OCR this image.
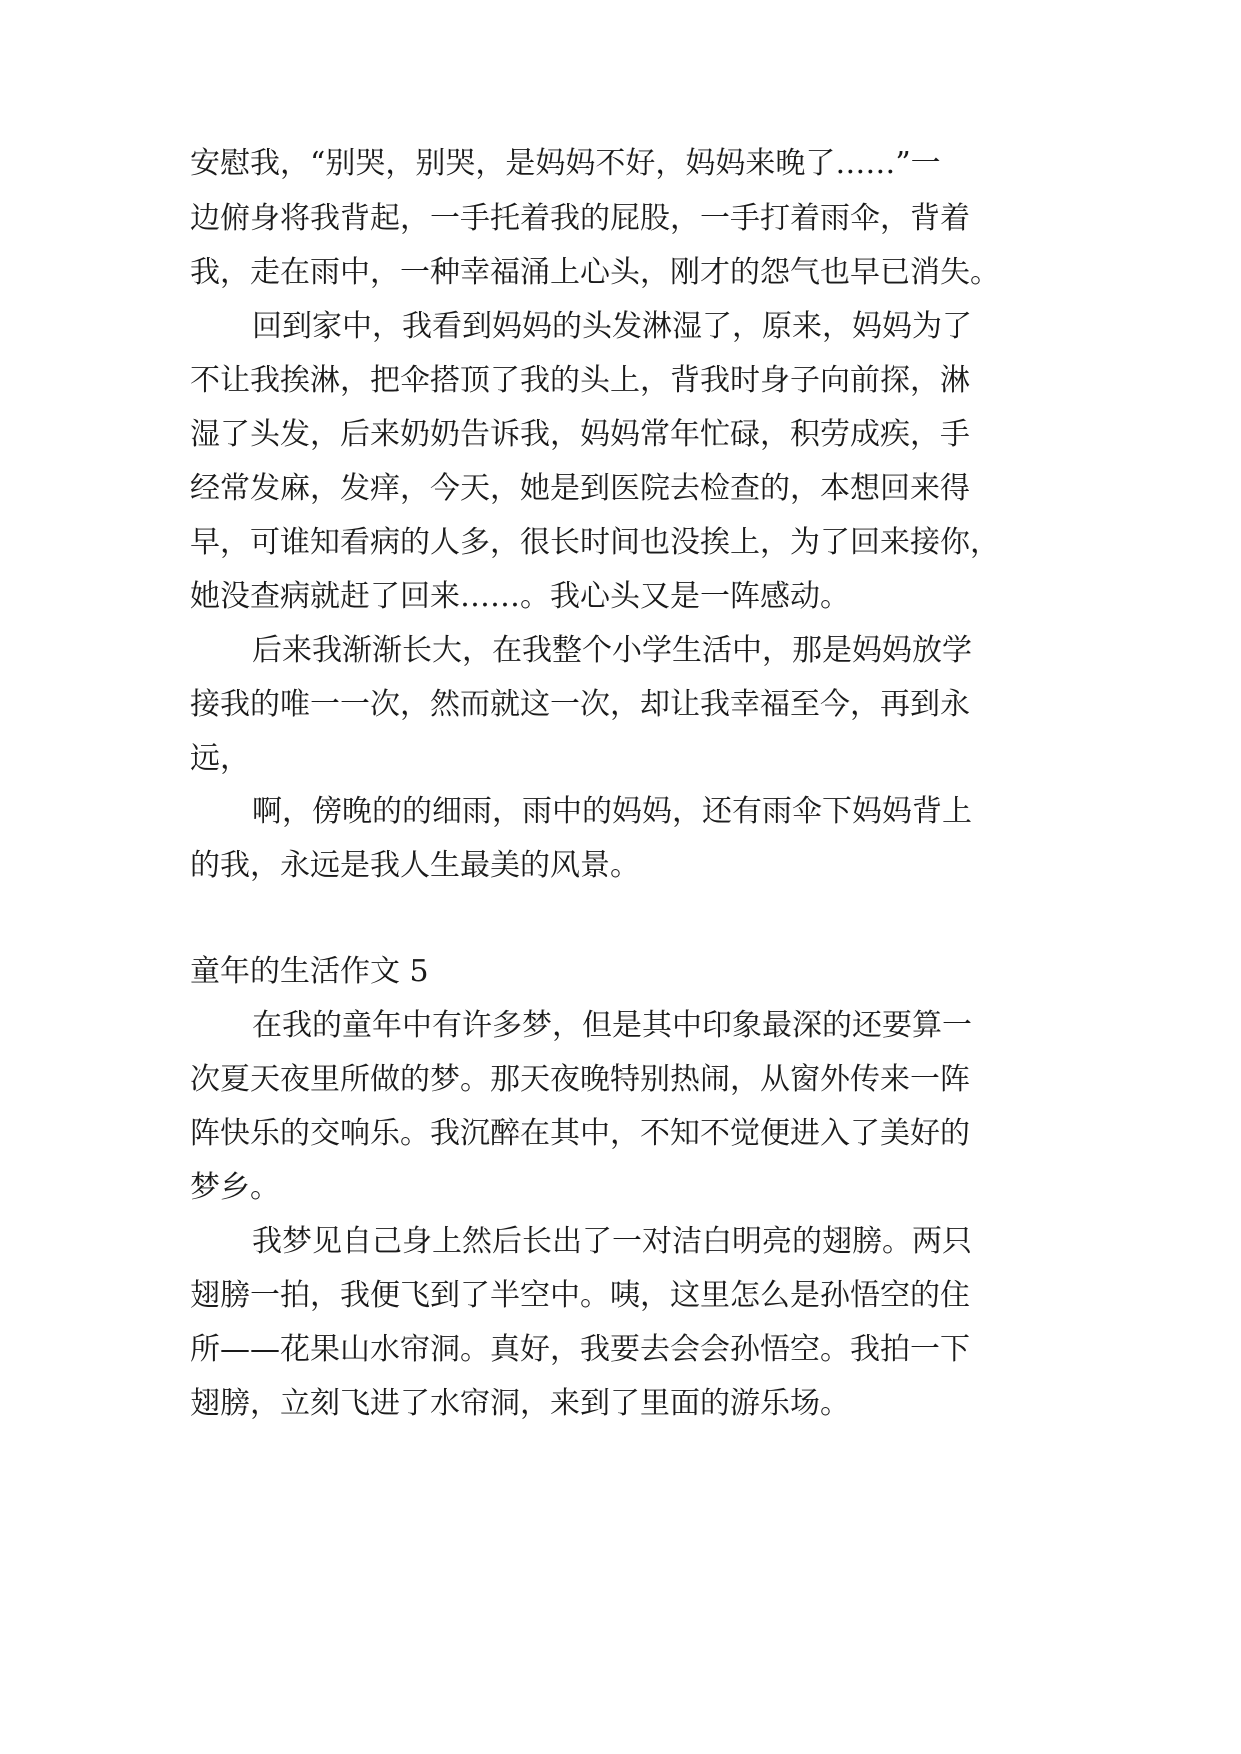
安慰我，“别哭，别哭，是妈妈不好，妈妈来晚了……”一
边俯身将我背起，一手托着我的屁股，一手打着雨伞，背着
我，走在雨中，一种幸福涌上心头，刚才的怨气也早已消失。
回到家中，我看到妈妈的头发淋湿了，原来，妈妈为了
不让我挨淋，把伞搭顶了我的头上，背我时身子向前探，淋
湿了头发，后来奶奶告诉我，妈妈常年忙碌，积劳成疾，手
经常发麻，发痒，今天，她是到医院去检查的，本想回来得
早，可谁知看病的人多，很长时间也没挨上，为了回来接你，
她没查病就赶了回来……。我心头又是一阵感动。
后来我渐渐长大，在我整个小学生活中，那是妈妈放学
接我的唯一一次，然而就这一次，却让我幸福至今，再到永
远，
啊，傍晚的的细雨，雨中的妈妈，还有雨伞下妈妈背上
的我，永远是我人生最美的风景。
童年的生活作文 5
在我的童年中有许多梦，但是其中印象最深的还要算一
次夏天夜里所做的梦。那天夜晚特别热闹，从窗外传来一阵
阵快乐的交响乐。我沉醉在其中，不知不觉便进入了美好的
梦乡。
我梦见自己身上然后长出了一对洁白明亮的翅膀。两只
翅膀一拍，我便飞到了半空中。咦，这里怎么是孙悟空的住
所——花果山水帘洞。真好，我要去会会孙悟空。我拍一下
翅膀，立刻飞进了水帘洞，来到了里面的游乐场。
